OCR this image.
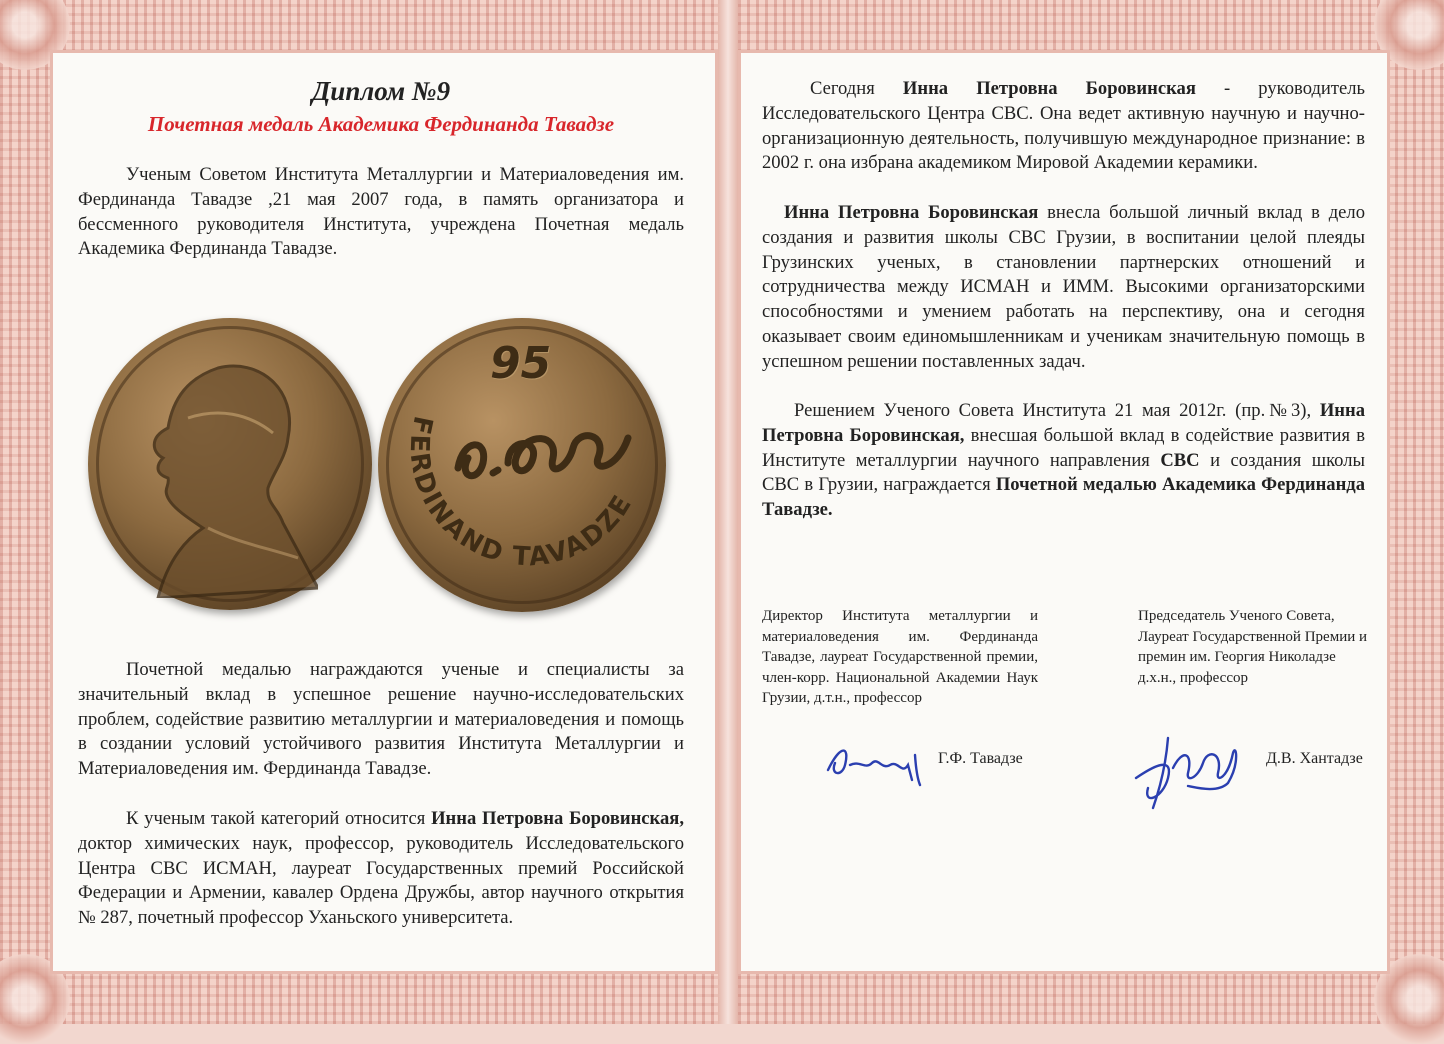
Диплом №9
Почетная медаль Академика Фердинанда Тавадзе

Ученым Советом Института Металлургии и Материаловедения им. Фердинанда Тавадзе ,21 мая 2007 года, в память организатора и бессменного руководителя Института, учреждена Почетная медаль Академика Фердинанда Тавадзе.

95
FERDINAND TAVADZE

Почетной медалью награждаются ученые и специалисты за значительный вклад в успешное решение научно-исследовательских проблем, содействие развитию металлургии и материаловедения и помощь в создании условий устойчивого развития Института Металлургии и Материаловедения им. Фердинанда Тавадзе.

К ученым такой категорий относится Инна Петровна Боровинская, доктор химических наук, профессор, руководитель Исследовательского Центра СВС ИСМАН, лауреат Государственных премий Российской Федерации и Армении, кавалер Ордена Дружбы, автор научного открытия № 287, почетный профессор Уханьского университета.

Сегодня Инна Петровна Боровинская - руководитель Исследовательского Центра СВС. Она ведет активную научную и научно-организационную деятельность, получившую международное признание: в 2002 г. она избрана академиком Мировой Академии керамики.

Инна Петровна Боровинская внесла большой личный вклад в дело создания и развития школы СВС Грузии, в воспитании целой плеяды Грузинских ученых, в становлении партнерских отношений и сотрудничества между ИСМАН и ИММ. Высокими организаторскими способностями и умением работать на перспективу, она и сегодня оказывает своим единомышленникам и ученикам значительную помощь в успешном решении поставленных задач.

Решением Ученого Совета Института 21 мая 2012г. (пр.№3), Инна Петровна Боровинская, внесшая большой вклад в содействие развития в Институте металлургии научного направления СВС и создания школы СВС в Грузии, награждается Почетной медалью Академика Фердинанда Тавадзе.

Директор Института металлургии и материаловедения им. Фердинанда Тавадзе, лауреат Государственной премии, член-корр. Национальной Академии Наук Грузии, д.т.н., профессор

Председатель Ученого Совета, Лауреат Государственной Премии и премин им. Георгия Николадзе д.х.н., профессор

Г.Ф. Тавадзе	Д.В. Хантадзе
